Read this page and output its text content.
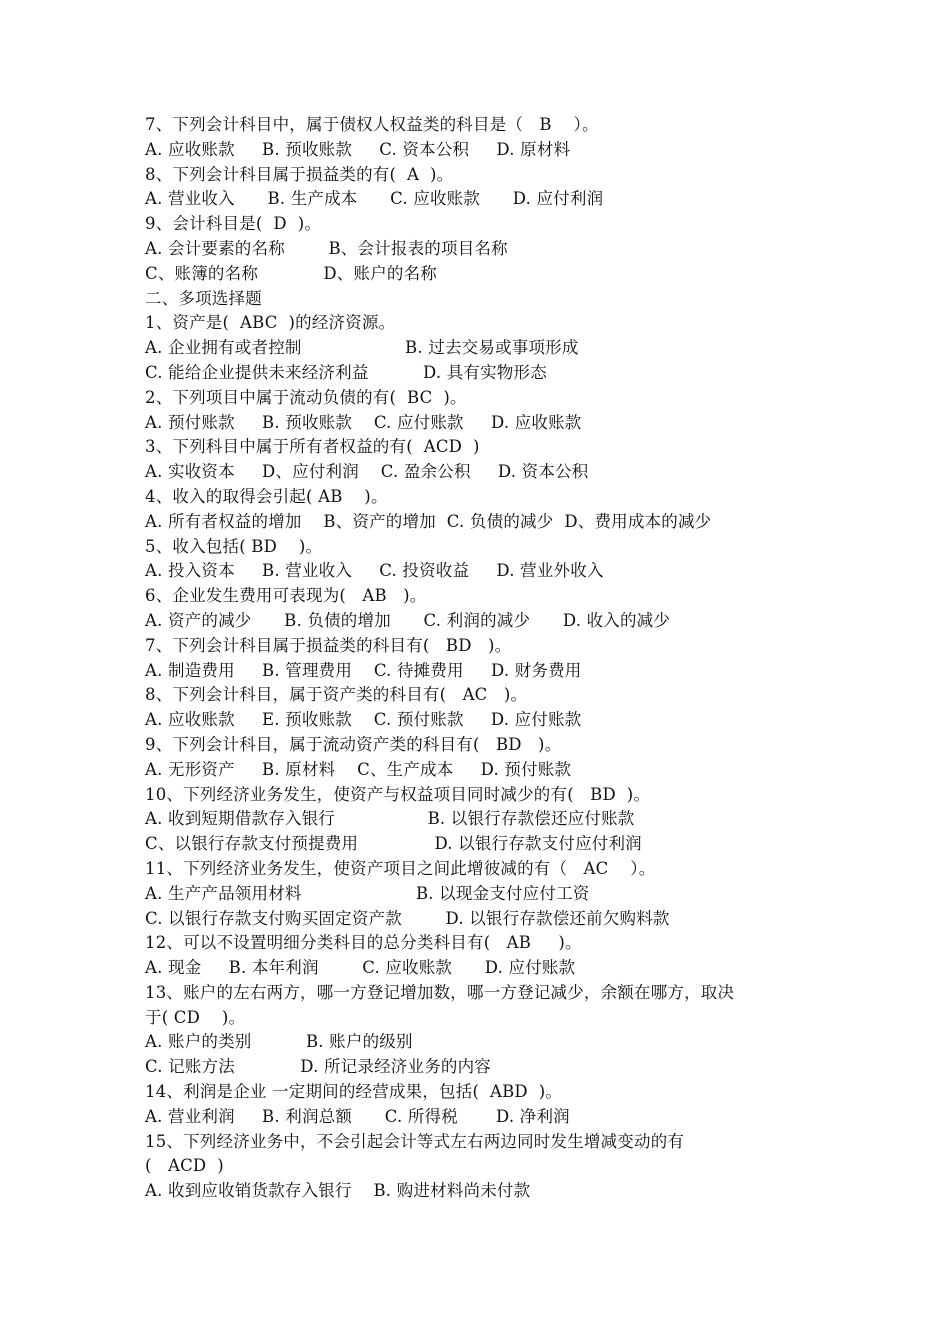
7、下列会计科目中，属于债权人权益类的科目是（   B    ）。
A. 应收账款     B. 预收账款     C. 资本公积     D. 原材料
8、下列会计科目属于损益类的有(  A  )。
A. 营业收入      B. 生产成本      C. 应收账款      D. 应付利润
9、会计科目是(  D  )。
A. 会计要素的名称        B、会计报表的项目名称
C、账簿的名称            D、账户的名称
二、多项选择题
1、资产是(  ABC  )的经济资源。
A. 企业拥有或者控制                   B. 过去交易或事项形成
C. 能给企业提供未来经济利益          D. 具有实物形态
2、下列项目中属于流动负债的有(  BC  )。
A. 预付账款     B. 预收账款    C. 应付账款     D. 应收账款
3、下列科目中属于所有者权益的有(  ACD  )
A. 实收资本     D、应付利润    C. 盈余公积     D. 资本公积
4、收入的取得会引起( AB    )。
A. 所有者权益的增加    B、资产的增加  C. 负债的减少  D、费用成本的减少
5、收入包括( BD    )。
A. 投入资本     B. 营业收入     C. 投资收益     D. 营业外收入
6、企业发生费用可表现为(   AB   )。
A. 资产的减少      B. 负债的增加      C. 利润的减少      D. 收入的减少
7、下列会计科目属于损益类的科目有(   BD   )。
A. 制造费用     B. 管理费用    C. 待摊费用     D. 财务费用
8、下列会计科目，属于资产类的科目有(   AC   )。
A. 应收账款     E. 预收账款    C. 预付账款     D. 应付账款
9、下列会计科目，属于流动资产类的科目有(   BD   )。
A. 无形资产     B. 原材料    C、生产成本     D. 预付账款
10、下列经济业务发生，使资产与权益项目同时减少的有(   BD  )。
A. 收到短期借款存入银行                 B. 以银行存款偿还应付账款
C、以银行存款支付预提费用              D. 以银行存款支付应付利润
11、下列经济业务发生，使资产项目之间此增彼减的有（   AC    ）。
A. 生产产品领用材料                     B. 以现金支付应付工资
C. 以银行存款支付购买固定资产款        D. 以银行存款偿还前欠购料款
12、可以不设置明细分类科目的总分类科目有(   AB     )。
A. 现金     B. 本年利润        C. 应收账款      D. 应付账款
13、账户的左右两方，哪一方登记增加数，哪一方登记减少，余额在哪方，取决
于( CD    )。
A. 账户的类别          B. 账户的级别
C. 记账方法            D. 所记录经济业务的内容
14、利润是企业 一定期间的经营成果，包括(  ABD  )。
A. 营业利润     B. 利润总额      C. 所得税       D. 净利润
15、下列经济业务中，不会引起会计等式左右两边同时发生增减变动的有
(   ACD  )
A. 收到应收销货款存入银行    B. 购进材料尚未付款
